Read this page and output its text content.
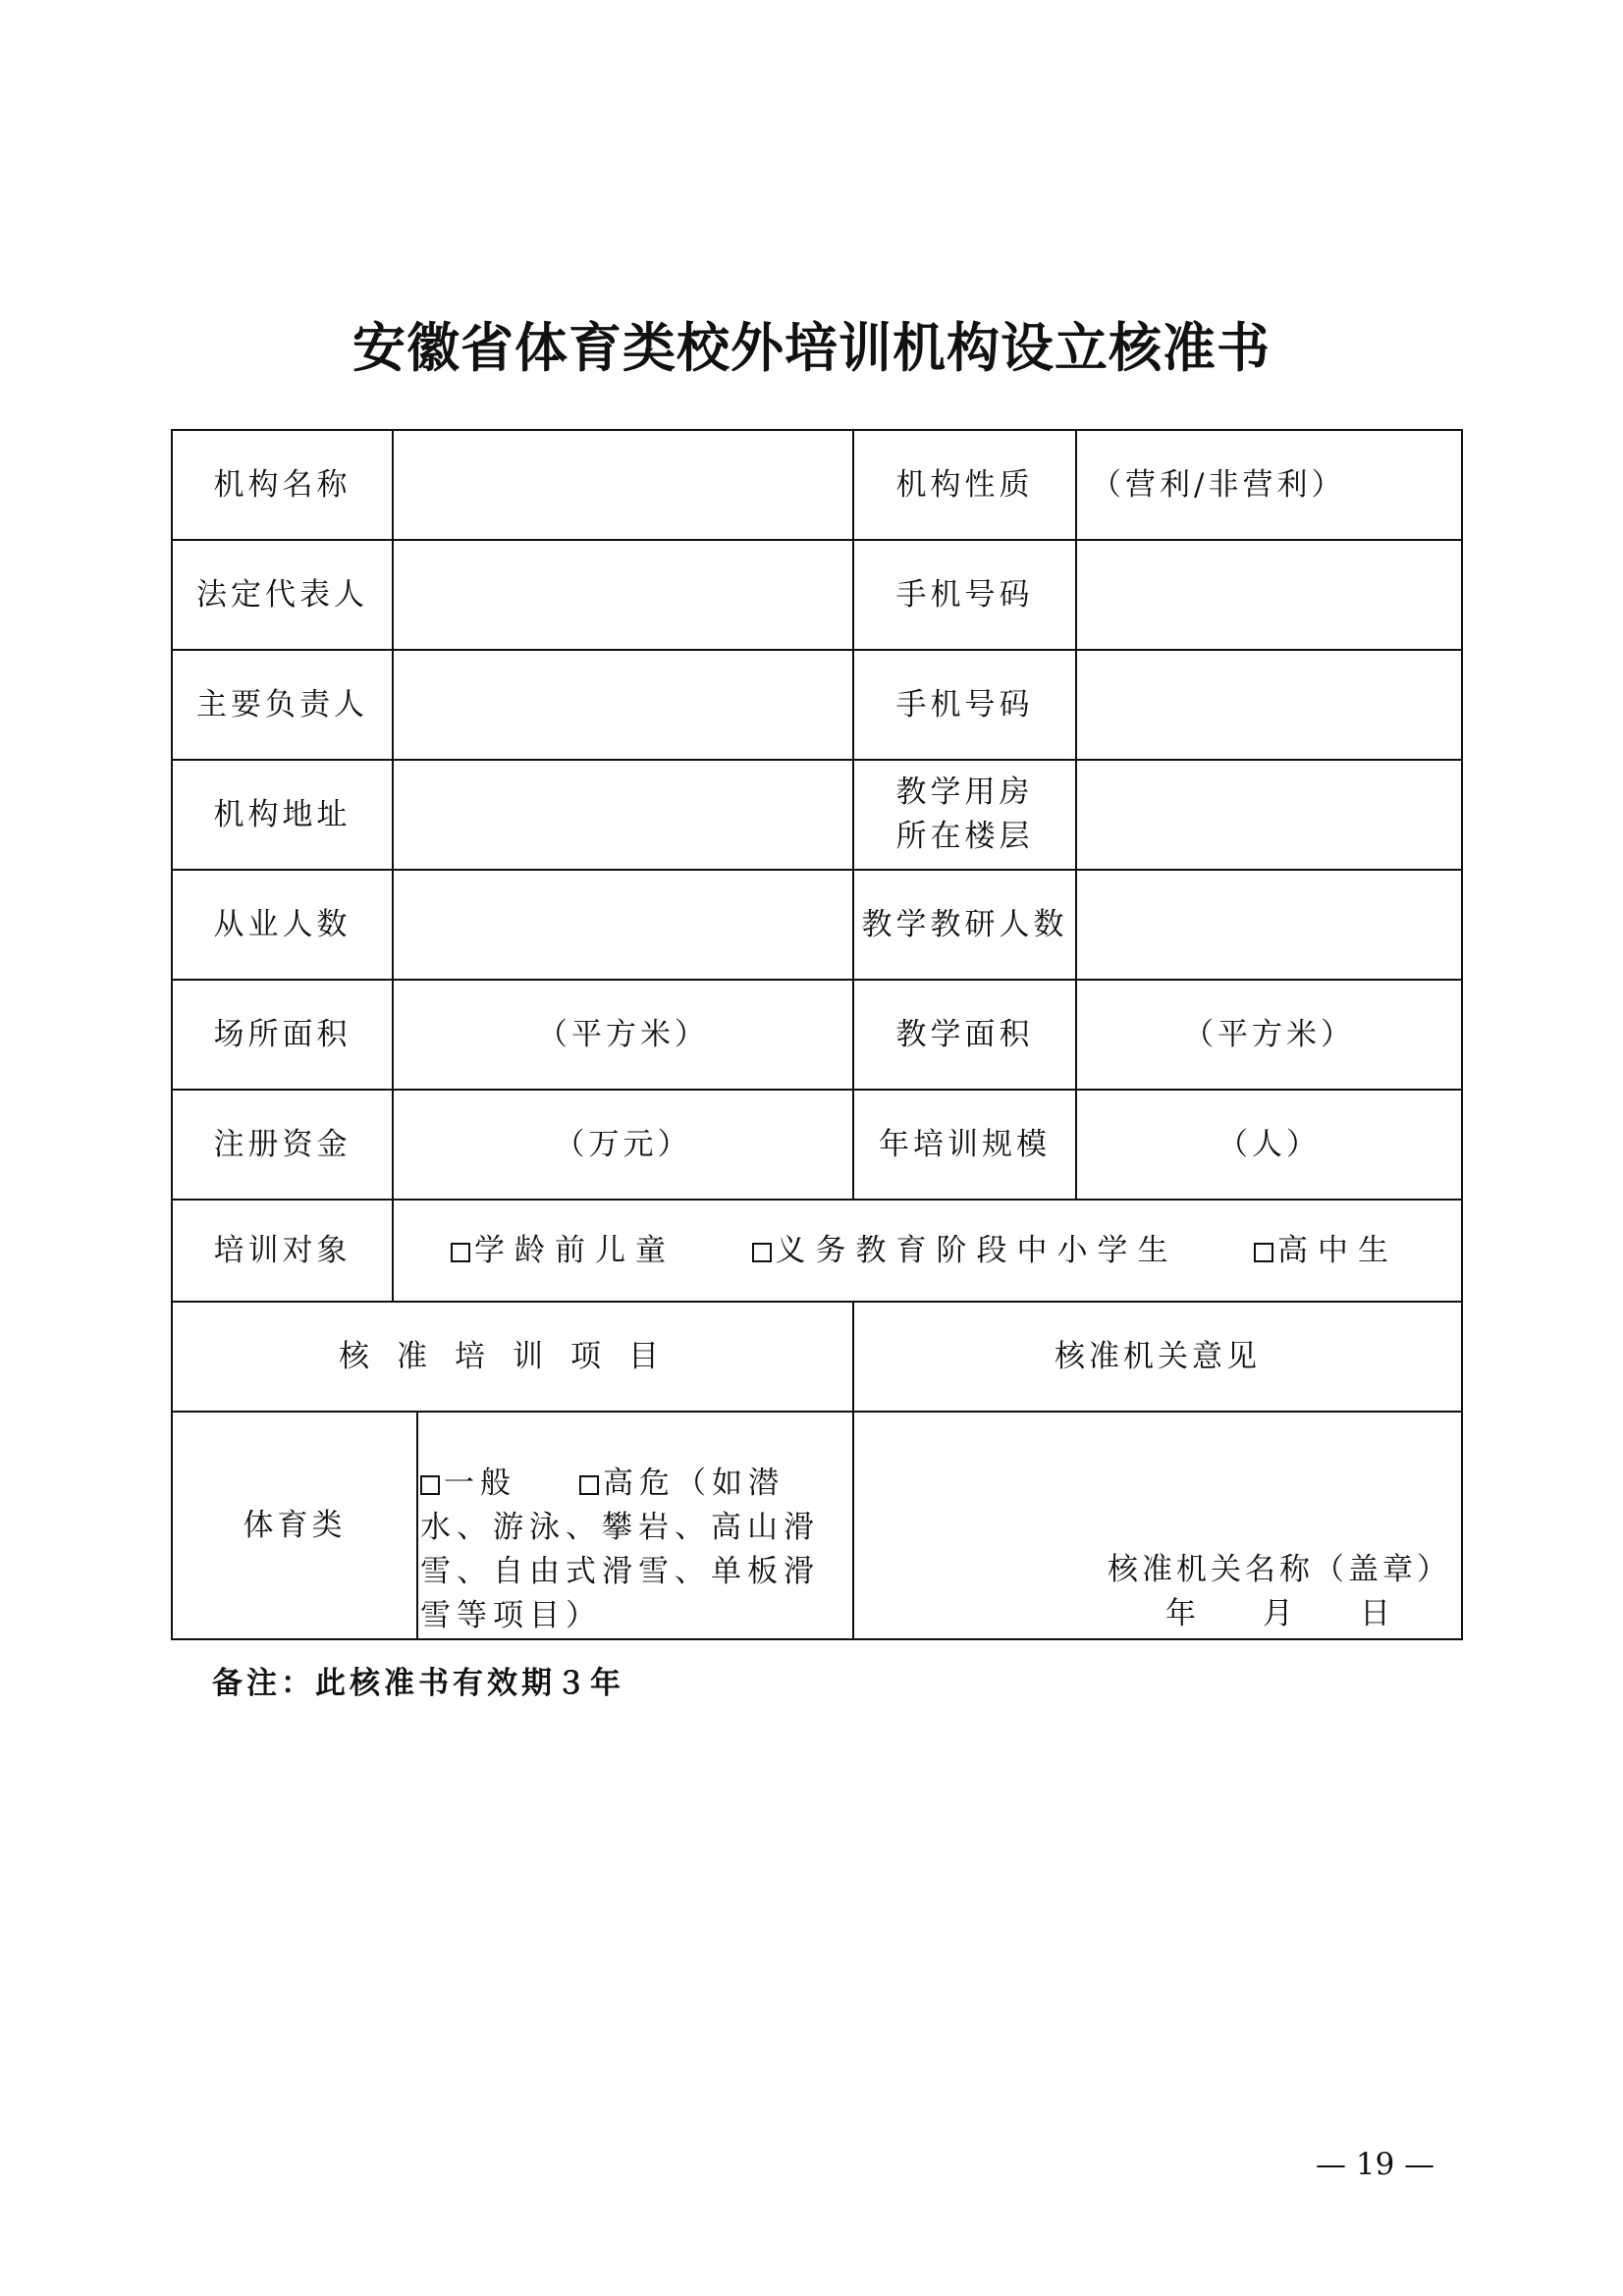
安徽省体育类校外培训机构设立核准书
机构名称			机构性质	（营利/非营利）
法定代表人			手机号码	
主要负责人			手机号码	
机构地址			教学用房
所在楼层	

从业人数			教学教研人数	
场所面积	（平方米）		教学面积	（平方米）
注册资金	（万元）		年培训规模	（人）
培训对象	学龄前儿童 义务教育阶段中小学生 高中生			

核准培训项目			核准机关意见	
体育类		一般 高危（如潜水、游泳、攀岩、高山滑雪、自由式滑雪、单板滑雪等项目）	核准机关名称（盖章）
年　　月　　日	
备注：此核准书有效期３年
— 19 —
